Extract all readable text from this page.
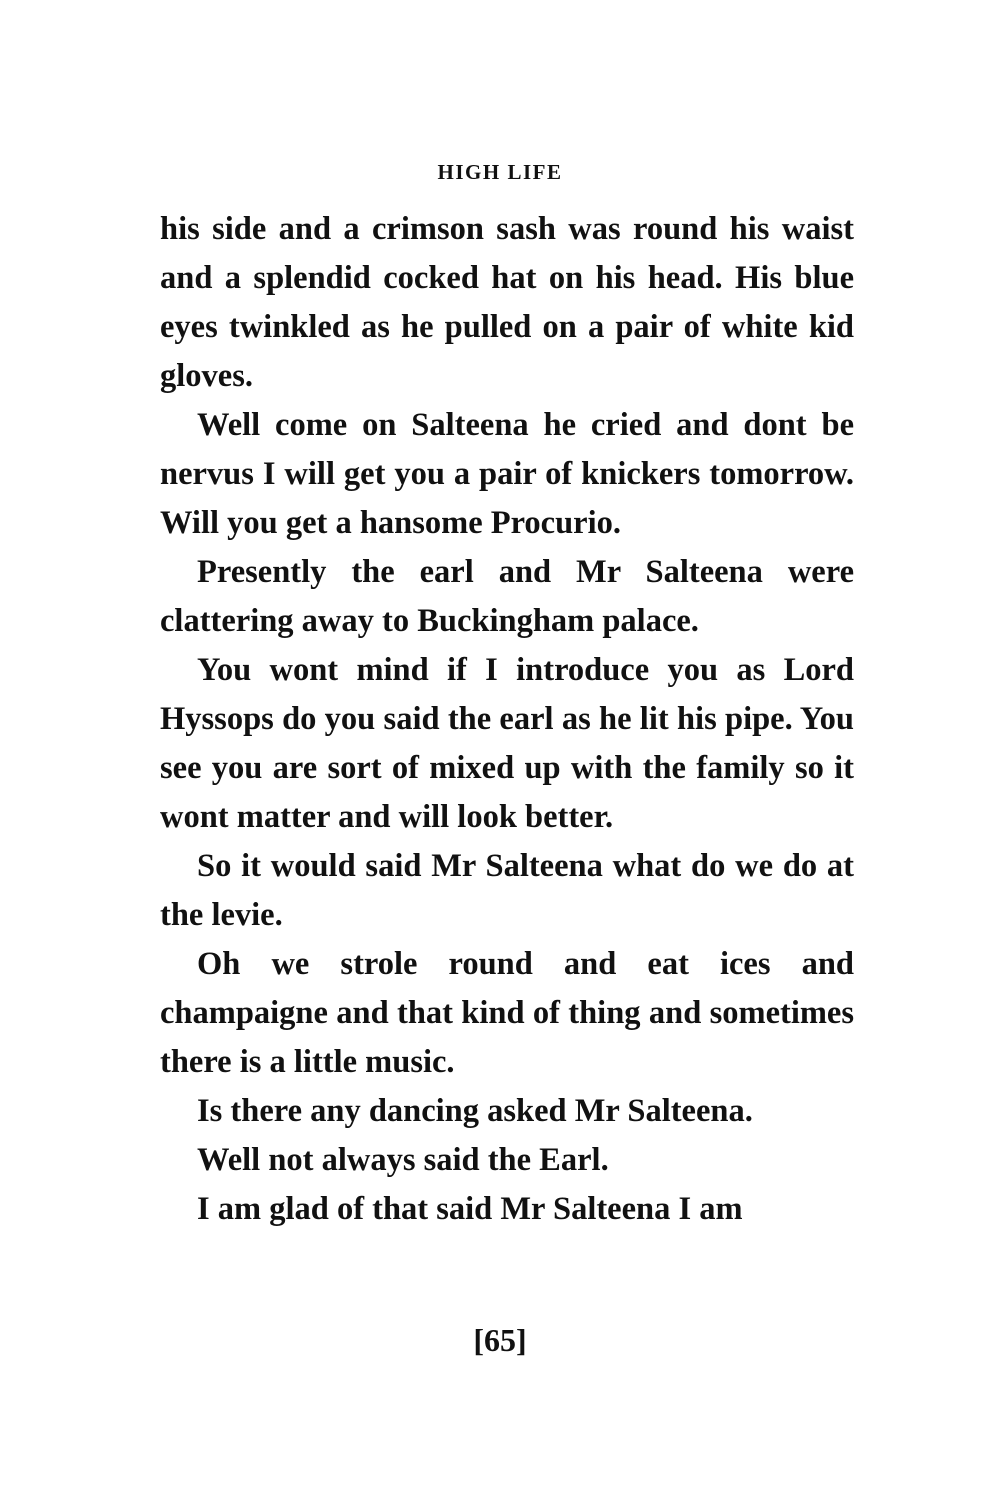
HIGH LIFE

his side and a crimson sash was round his waist and a splendid cocked hat on his head. His blue eyes twinkled as he pulled on a pair of white kid gloves.

Well come on Salteena he cried and dont be nervus I will get you a pair of knickers tomorrow. Will you get a hansome Procurio.

Presently the earl and Mr Salteena were clattering away to Buckingham palace.

You wont mind if I introduce you as Lord Hyssops do you said the earl as he lit his pipe. You see you are sort of mixed up with the family so it wont matter and will look better.

So it would said Mr Salteena what do we do at the levie.

Oh we strole round and eat ices and champaigne and that kind of thing and sometimes there is a little music.

Is there any dancing asked Mr Salteena.

Well not always said the Earl.

I am glad of that said Mr Salteena I am

[65]
